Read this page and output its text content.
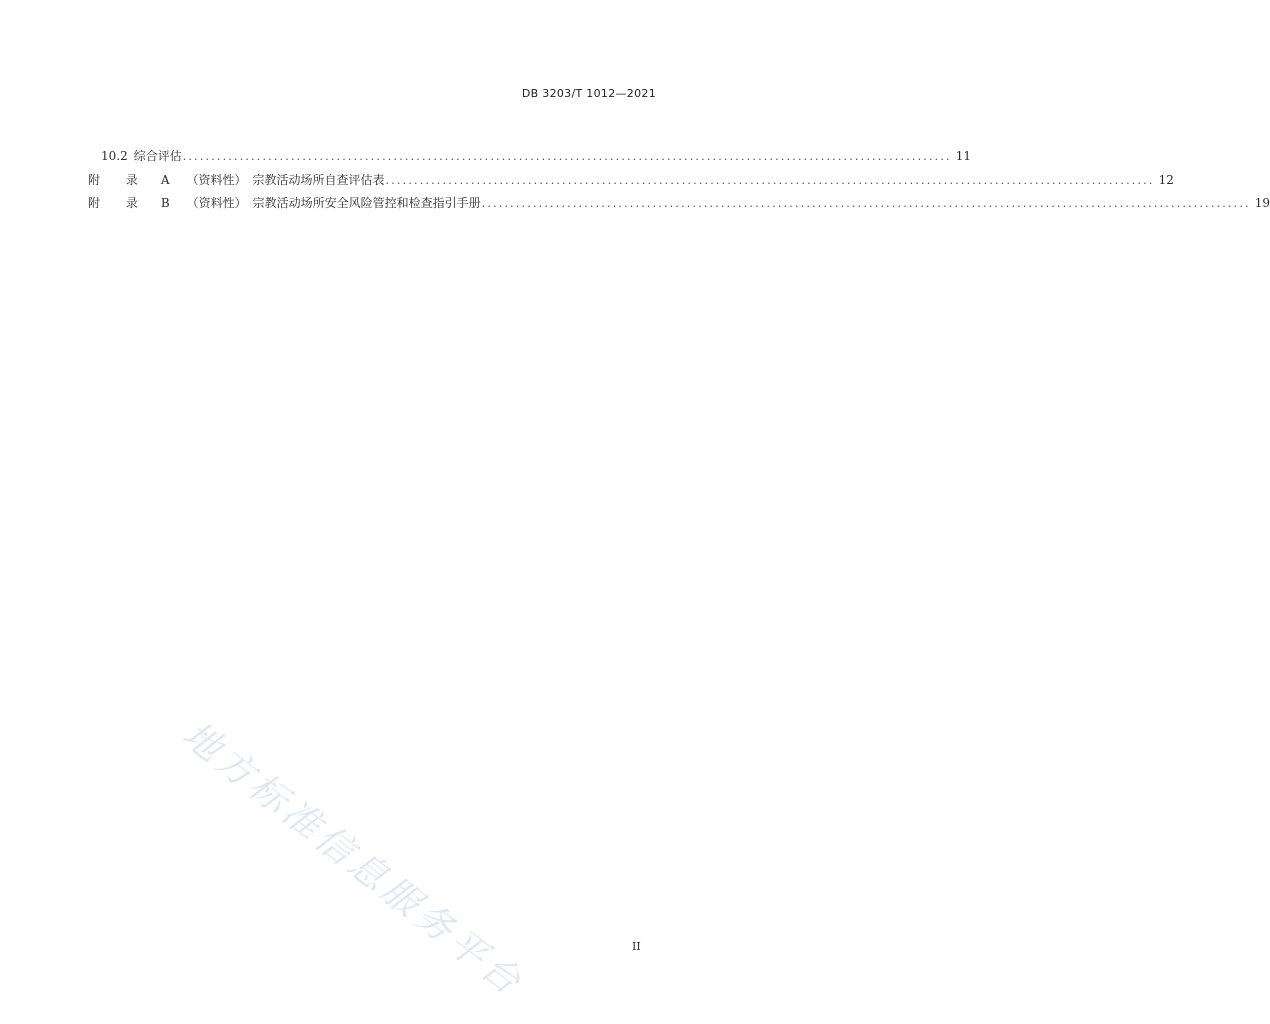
DB 3203/T 1012—2021
10.2 综合评估 ....................................................................................................................................... 11
附 录 A （资料性） 宗教活动场所自查评估表 ....................................................................................................................................... 12
附 录 B （资料性） 宗教活动场所安全风险管控和检查指引手册 ....................................................................................................................................... 19
地方标准信息服务平台	II
